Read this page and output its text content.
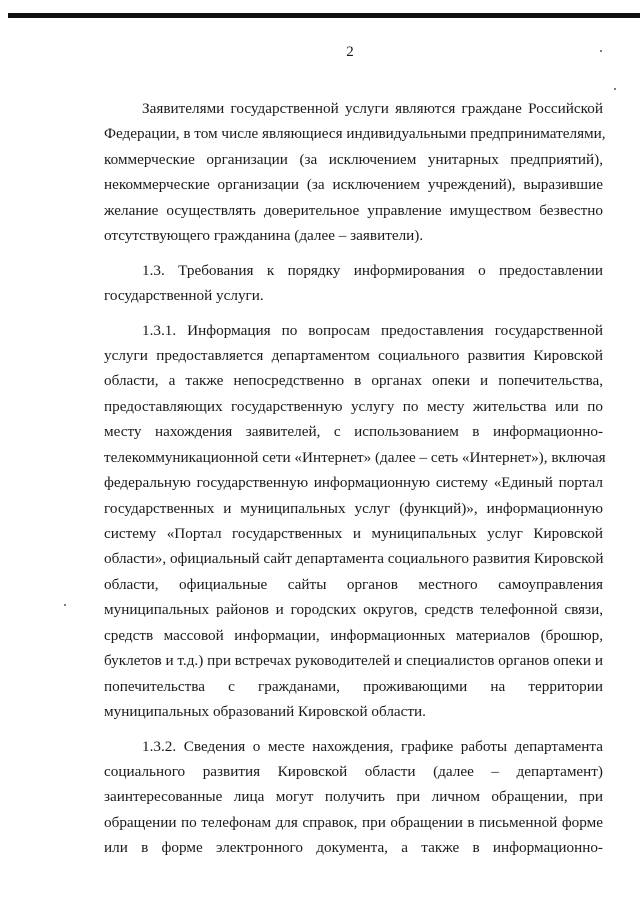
2
Заявителями государственной услуги являются граждане Российской
Федерации, в том числе являющиеся индивидуальными предпринимателями,
коммерческие организации (за исключением унитарных предприятий),
некоммерческие организации (за исключением учреждений), выразившие
желание осуществлять доверительное управление имуществом безвестно
отсутствующего гражданина (далее – заявители).
1.3. Требования к порядку информирования о предоставлении
государственной услуги.
1.3.1. Информация по вопросам предоставления государственной
услуги предоставляется департаментом социального развития Кировской
области, а также непосредственно в органах опеки и попечительства,
предоставляющих государственную услугу по месту жительства или по
месту нахождения заявителей, с использованием в информационно-
телекоммуникационной сети «Интернет» (далее – сеть «Интернет»), включая
федеральную государственную информационную систему «Единый портал
государственных и муниципальных услуг (функций)», информационную
систему «Портал государственных и муниципальных услуг Кировской
области», официальный сайт департамента социального развития Кировской
области, официальные сайты органов местного самоуправления
муниципальных районов и городских округов, средств телефонной связи,
средств массовой информации, информационных материалов (брошюр,
буклетов и т.д.) при встречах руководителей и специалистов органов опеки и
попечительства с гражданами, проживающими на территории
муниципальных образований Кировской области.
1.3.2. Сведения о месте нахождения, графике работы департамента
социального развития Кировской области (далее – департамент)
заинтересованные лица могут получить при личном обращении, при
обращении по телефонам для справок, при обращении в письменной форме
или в форме электронного документа, а также в информационно-
